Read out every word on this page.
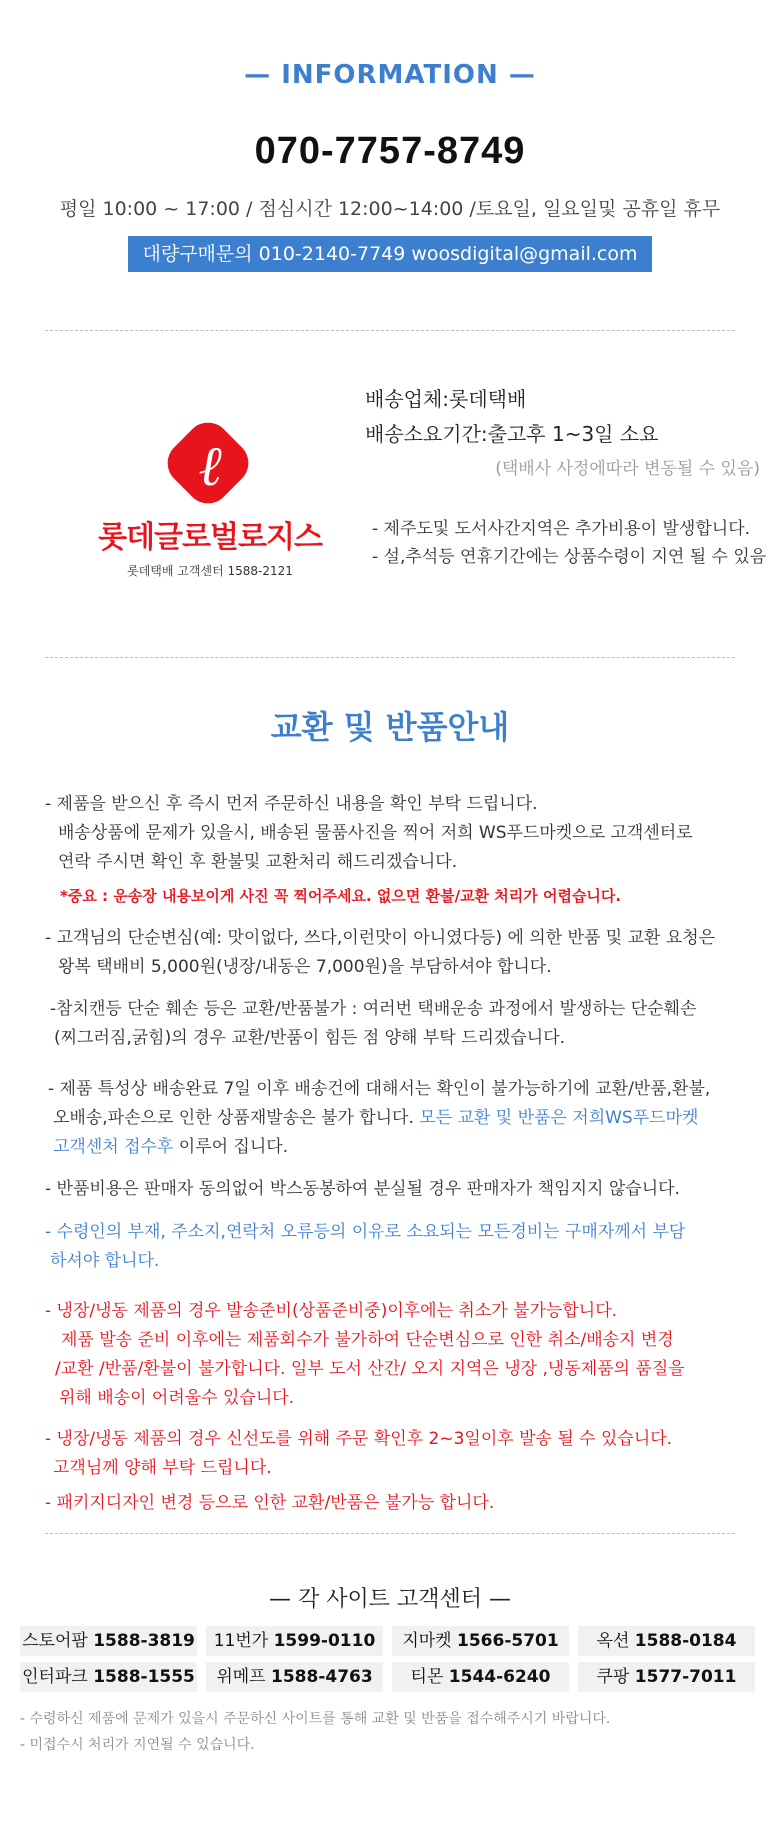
— INFORMATION —
070-7757-8749
평일 10:00 ~ 17:00 / 점심시간 12:00~14:00 /토요일, 일요일및 공휴일 휴무
대량구매문의 010-2140-7749 woosdigital@gmail.com
ℓ
롯데글로벌로지스
롯데택배 고객센터 1588-2121
배송업체:롯데택배
배송소요기간:출고후 1~3일 소요
(택배사 사정에따라 변동될 수 있음)
- 제주도및 도서사간지역은 추가비용이 발생합니다.
- 설,추석등 연휴기간에는 상품수령이 지연 될 수 있음
교환 및 반품안내
- 제품을 받으신 후 즉시 먼저 주문하신 내용을 확인 부탁 드립니다.
배송상품에 문제가 있을시, 배송된 물품사진을 찍어 저희 WS푸드마켓으로 고객센터로
연락 주시면 확인 후 환불및 교환처리 해드리겠습니다.
*중요 : 운송장 내용보이게 사진 꼭 찍어주세요. 없으면 환불/교환 처리가 어렵습니다.
- 고객님의 단순변심(예: 맛이없다, 쓰다,이런맛이 아니였다등) 에 의한 반품 및 교환 요청은
왕복 택배비 5,000원(냉장/내동은 7,000원)을 부담하셔야 합니다.
-참치캔등 단순 훼손 등은 교환/반품불가 : 여러번 택배운송 과정에서 발생하는 단순훼손
(찌그러짐,굵힘)의 경우 교환/반품이 힘든 점 양해 부탁 드리겠습니다.
- 제품 특성상 배송완료 7일 이후 배송건에 대해서는 확인이 불가능하기에 교환/반품,환불,
오배송,파손으로 인한 상품재발송은 불가 합니다. 모든 교환 및 반품은 저희WS푸드마켓
고객센처 접수후 이루어 집니다.
- 반품비용은 판매자 동의없어 박스동봉하여 분실될 경우 판매자가 책임지지 않습니다.
- 수령인의 부재, 주소지,연락처 오류등의 이유로 소요되는 모든경비는 구매자께서 부담
하셔야 합니다.
- 냉장/냉동 제품의 경우 발송준비(상품준비중)이후에는 취소가 불가능합니다.
제품 발송 준비 이후에는 제품회수가 불가하여 단순변심으로 인한 취소/배송지 변경
/교환 /반품/환불이 불가합니다. 일부 도서 산간/ 오지 지역은 냉장 ,냉동제품의 품질을
위해 배송이 어려울수 있습니다.
- 냉장/냉동 제품의 경우 신선도를 위해 주문 확인후 2~3일이후 발송 될 수 있습니다.
고객님께 양해 부탁 드립니다.
- 패키지디자인 변경 등으로 인한 교환/반품은 불가능 합니다.
— 각 사이트 고객센터 —
스토어팜 1588-3819	11번가 1599-0110	지마켓 1566-5701	옥션 1588-0184
인터파크 1588-1555	위메프 1588-4763	티몬 1544-6240	쿠팡 1577-7011
- 수령하신 제품에 문제가 있을시 주문하신 사이트를 통해 교환 및 반품을 접수해주시기 바랍니다.
- 미접수시 처리가 지연될 수 있습니다.
